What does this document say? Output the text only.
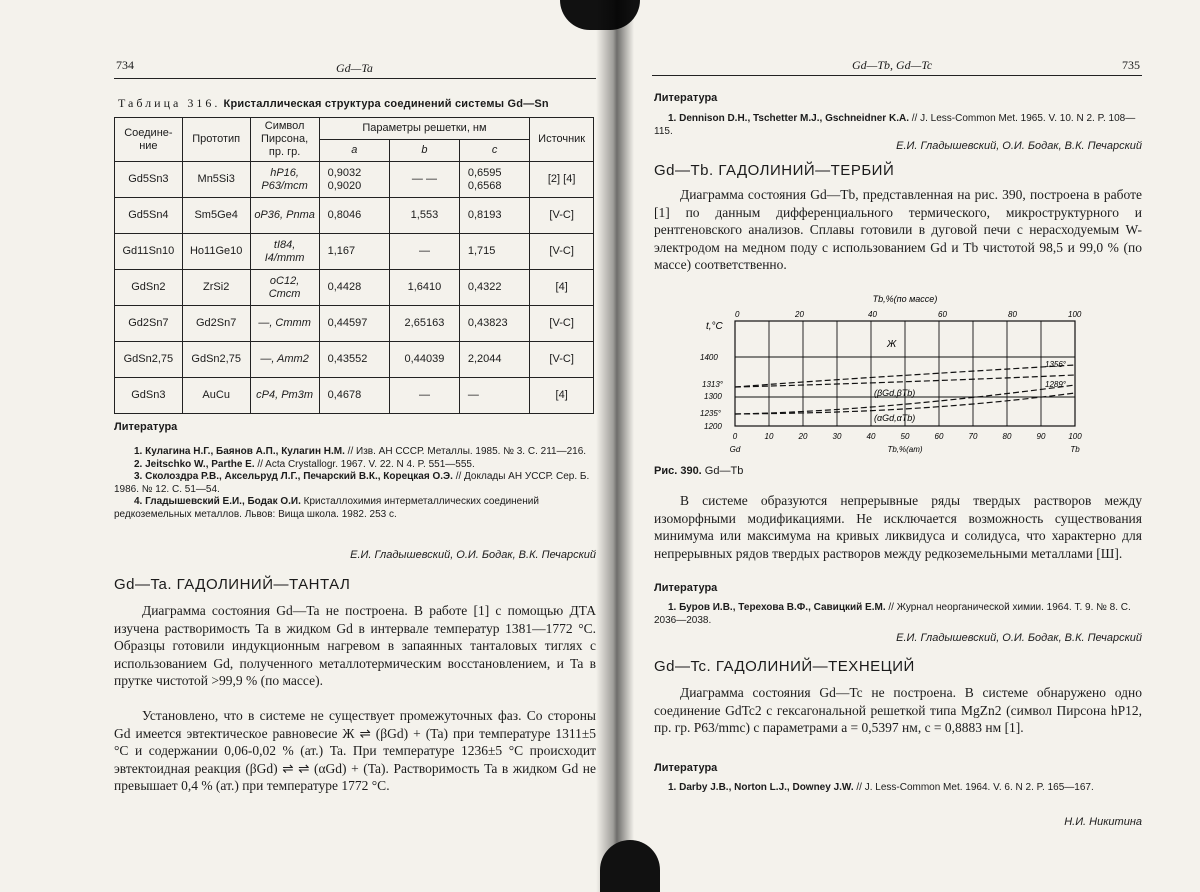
734	Gd—Ta
Таблица 316. Кристаллическая структура соединений системы Gd—Sn
Соедине-ние	Прототип	Символ Пирсона, пр. гр.	Параметры решетки, нм			Источник
			a	b	c	
Gd5Sn3	Mn5Si3	hP16, P63/mcm	0,9032 0,9020	— —	0,6595 0,6568	[2] [4]
Gd5Sn4	Sm5Ge4	oP36, Pnma	0,8046	1,553	0,8193	[V-C]
Gd11Sn10	Ho11Ge10	tI84, I4/mmm	1,167	—	1,715	[V-C]
GdSn2	ZrSi2	oC12, Cmcm	0,4428	1,6410	0,4322	[4]
Gd2Sn7	Gd2Sn7	—, Cmmm	0,44597	2,65163	0,43823	[V-C]
GdSn2,75	GdSn2,75	—, Amm2	0,43552	0,44039	2,2044	[V-C]
GdSn3	AuCu	cP4, Pm3m	0,4678	—	—	[4]
Литература
1. Кулагина Н.Г., Баянов А.П., Кулагин Н.М. // Изв. АН СССР. Металлы. 1985. № 3. С. 211—216.
2. Jeitschko W., Parthe E. // Acta Crystallogr. 1967. V. 22. N 4. P. 551—555.
3. Сколоздра Р.В., Аксельруд Л.Г., Печарский В.К., Корецкая О.Э. // Доклады АН УССР. Сер. Б. 1986. № 12. С. 51—54.
4. Гладышевский Е.И., Бодак О.И. Кристаллохимия интерметаллических соединений редкоземельных металлов. Львов: Вища школа. 1982. 253 с.
Е.И. Гладышевский, О.И. Бодак, В.К. Печарский
Gd—Ta. ГАДОЛИНИЙ—ТАНТАЛ
Диаграмма состояния Gd—Ta не построена. В работе [1] с помощью ДТА изучена растворимость Ta в жидком Gd в интервале температур 1381—1772 °С. Образцы готовили индукционным нагревом в запаянных танталовых тиглях с использованием Gd, полученного металлотермическим восстановлением, и Ta в прутке чистотой >99,9 % (по массе).
Установлено, что в системе не существует промежуточных фаз. Со стороны Gd имеется эвтектическое равновесие Ж ⇌ (βGd) + (Ta) при температуре 1311±5 °С и содержании 0,06-0,02 % (ат.) Ta. При температуре 1236±5 °С происходит эвтектоидная реакция (βGd) ⇌ ⇌ (αGd) + (Ta). Растворимость Ta в жидком Gd не превышает 0,4 % (ат.) при температуре 1772 °С.
Gd—Tb, Gd—Tc	735
Литература
1. Dennison D.H., Tschetter M.J., Gschneidner K.A. // J. Less-Common Met. 1965. V. 10. N 2. P. 108—115.
Е.И. Гладышевский, О.И. Бодак, В.К. Печарский
Gd—Tb. ГАДОЛИНИЙ—ТЕРБИЙ
Диаграмма состояния Gd—Tb, представленная на рис. 390, построена в работе [1] по данным дифференциального термического, микроструктурного и рентгеновского анализов. Сплавы готовили в дуговой печи с нерасходуемым W-электродом на медном поду с использованием Gd и Tb чистотой 98,5 и 99,0 % (по массе) соответственно.
Рис. 390. Gd—Tb
В системе образуются непрерывные ряды твердых растворов между изоморфными модификациями. Не исключается возможность существования минимума или максимума на кривых ликвидуса и солидуса, что характерно для непрерывных рядов твердых растворов между редкоземельными металлами [Ш].
Литература
1. Буров И.В., Терехова В.Ф., Савицкий Е.М. // Журнал неорганической химии. 1964. Т. 9. № 8. С. 2036—2038.
Е.И. Гладышевский, О.И. Бодак, В.К. Печарский
Gd—Tc. ГАДОЛИНИЙ—ТЕХНЕЦИЙ
Диаграмма состояния Gd—Tc не построена. В системе обнаружено одно соединение GdTc2 с гексагональной решеткой типа MgZn2 (символ Пирсона hP12, пр. гр. P63/mmc) с параметрами a = 0,5397 нм, c = 0,8883 нм [1].
Литература
1. Darby J.B., Norton L.J., Downey J.W. // J. Less-Common Met. 1964. V. 6. N 2. P. 165—167.
Н.И. Никитина
Tb,%(по массе)
Ж
(βGd,βTb)
(αGd,αTb)
1356°
1289°
t,°C
1400
1313°
1300
1235°
1200
0	20	40	60	80	100
0	10	20	30	40	50	60	70	80	90	100
Gd	Tb,%(am)	Tb
